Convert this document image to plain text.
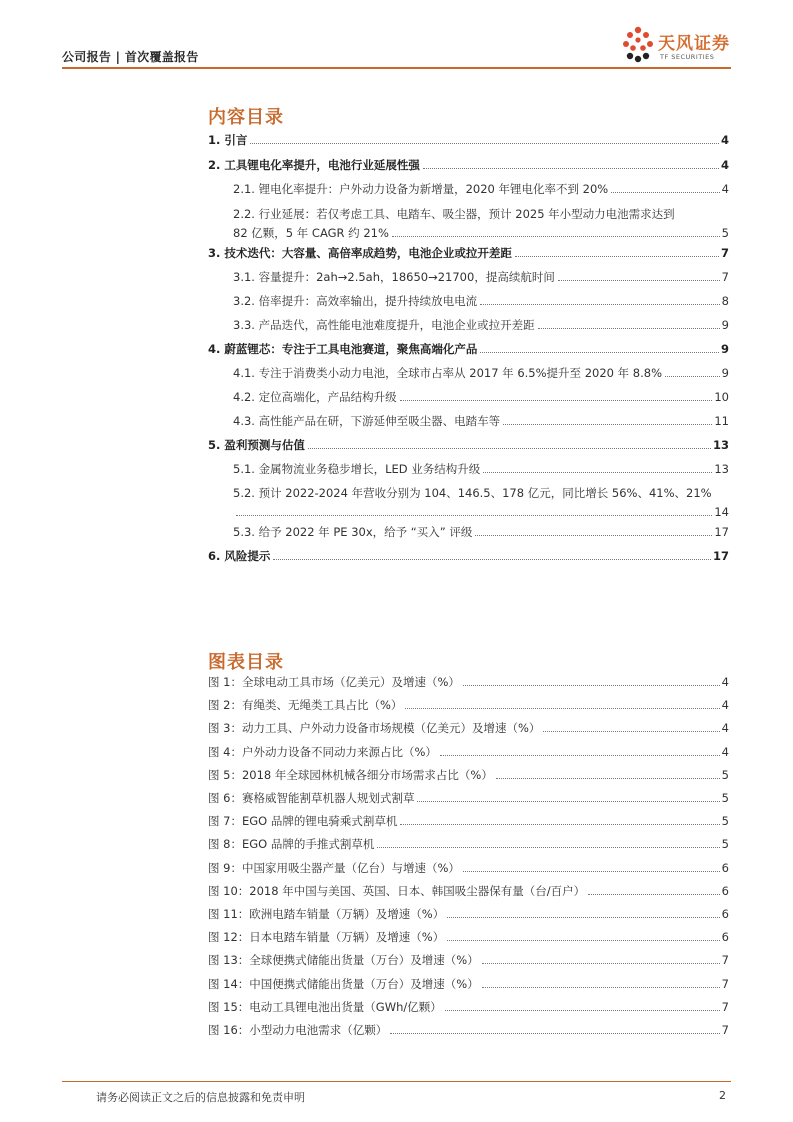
公司报告 | 首次覆盖报告
天风证券
TF SECURITIES
内容目录
1. 引言	4
2. 工具锂电化率提升，电池行业延展性强	4
2.1. 锂电化率提升：户外动力设备为新增量，2020 年锂电化率不到 20%	4
2.2. 行业延展：若仅考虑工具、电踏车、吸尘器，预计 2025 年小型动力电池需求达到
82 亿颗，5 年 CAGR 约 21%	5
3. 技术迭代：大容量、高倍率成趋势，电池企业或拉开差距	7
3.1. 容量提升：2ah→2.5ah，18650→21700，提高续航时间	7
3.2. 倍率提升：高效率输出，提升持续放电电流	8
3.3. 产品迭代，高性能电池难度提升，电池企业或拉开差距	9
4. 蔚蓝锂芯：专注于工具电池赛道，聚焦高端化产品	9
4.1. 专注于消费类小动力电池，全球市占率从 2017 年 6.5%提升至 2020 年 8.8%	9
4.2. 定位高端化，产品结构升级	10
4.3. 高性能产品在研，下游延伸至吸尘器、电踏车等	11
5. 盈利预测与估值	13
5.1. 金属物流业务稳步增长，LED 业务结构升级	13
5.2. 预计 2022-2024 年营收分别为 104、146.5、178 亿元，同比增长 56%、41%、21%
14
5.3. 给予 2022 年 PE 30x，给予 “买入” 评级	17
6. 风险提示	17
图表目录
图 1：全球电动工具市场（亿美元）及增速（%）	4
图 2：有绳类、无绳类工具占比（%）	4
图 3：动力工具、户外动力设备市场规模（亿美元）及增速（%）	4
图 4：户外动力设备不同动力来源占比（%）	4
图 5：2018 年全球园林机械各细分市场需求占比（%）	5
图 6：赛格威智能割草机器人规划式割草	5
图 7：EGO 品牌的锂电骑乘式割草机	5
图 8：EGO 品牌的手推式割草机	5
图 9：中国家用吸尘器产量（亿台）与增速（%）	6
图 10：2018 年中国与美国、英国、日本、韩国吸尘器保有量（台/百户）	6
图 11：欧洲电踏车销量（万辆）及增速（%）	6
图 12：日本电踏车销量（万辆）及增速（%）	6
图 13：全球便携式储能出货量（万台）及增速（%）	7
图 14：中国便携式储能出货量（万台）及增速（%）	7
图 15：电动工具锂电池出货量（GWh/亿颗）	7
图 16：小型动力电池需求（亿颗）	7
请务必阅读正文之后的信息披露和免责申明	2
